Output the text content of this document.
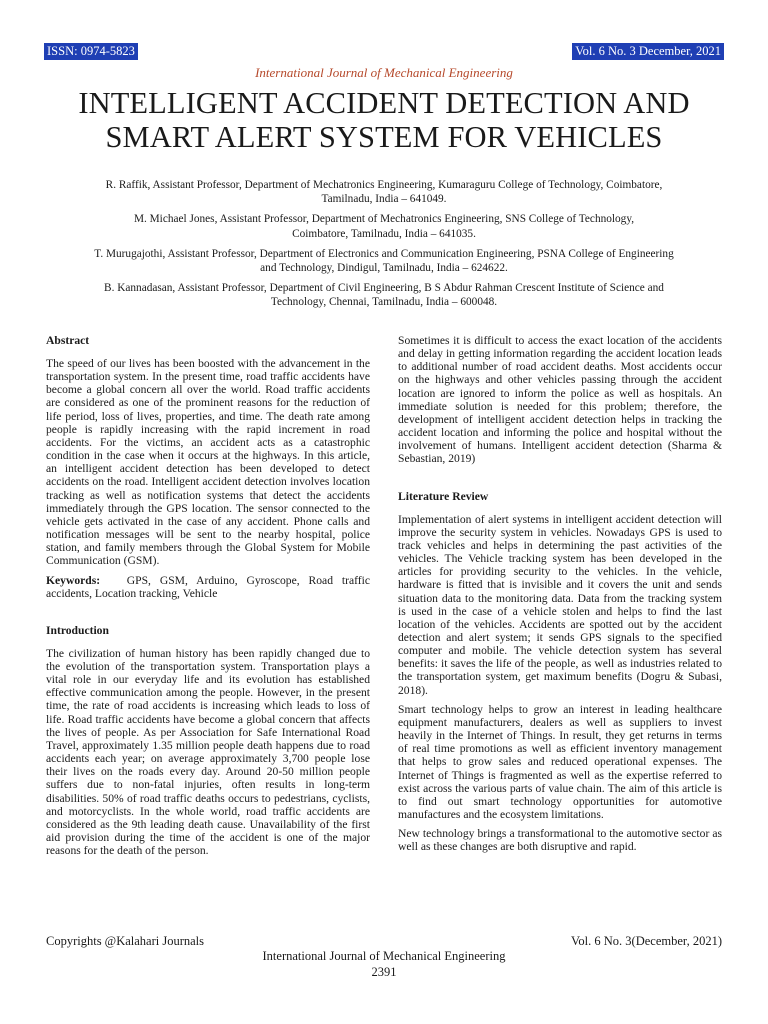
ISSN: 0974-5823	Vol. 6 No. 3 December, 2021
International Journal of Mechanical Engineering
INTELLIGENT ACCIDENT DETECTION AND
SMART ALERT SYSTEM FOR VEHICLES

R. Raffik, Assistant Professor, Department of Mechatronics Engineering, Kumaraguru College of Technology, Coimbatore,
Tamilnadu, India – 641049.

M. Michael Jones, Assistant Professor, Department of Mechatronics Engineering, SNS College of Technology,
Coimbatore, Tamilnadu, India – 641035.

T. Murugajothi, Assistant Professor, Department of Electronics and Communication Engineering, PSNA College of Engineering
and Technology, Dindigul, Tamilnadu, India – 624622.

B. Kannadasan, Assistant Professor, Department of Civil Engineering, B S Abdur Rahman Crescent Institute of Science and
Technology, Chennai, Tamilnadu, India – 600048.

Abstract

The speed of our lives has been boosted with the advancement in the transportation system. In the present time, road traffic accidents have become a global concern all over the world. Road traffic accidents are considered as one of the prominent reasons for the reduction of life period, loss of lives, properties, and time. The death rate among people is rapidly increasing with the rapid increment in road accidents. For the victims, an accident acts as a catastrophic condition in the case when it occurs at the highways. In this article, an intelligent accident detection has been developed to detect accidents on the road. Intelligent accident detection involves location tracking as well as notification systems that detect the accidents immediately through the GPS location. The sensor connected to the vehicle gets activated in the case of any accident. Phone calls and notification messages will be sent to the nearby hospital, police station, and family members through the Global System for Mobile Communication (GSM).

Keywords: GPS, GSM, Arduino, Gyroscope, Road traffic accidents, Location tracking, Vehicle

Introduction

The civilization of human history has been rapidly changed due to the evolution of the transportation system. Transportation plays a vital role in our everyday life and its evolution has established effective communication among the people. However, in the present time, the rate of road accidents is increasing which leads to loss of life. Road traffic accidents have become a global concern that affects the lives of people. As per Association for Safe International Road Travel, approximately 1.35 million people death happens due to road accidents each year; on average approximately 3,700 people lose their lives on the roads every day. Around 20-50 million people suffers due to non-fatal injuries, often results in long-term disabilities. 50% of road traffic deaths occurs to pedestrians, cyclists, and motorcyclists. In the whole world, road traffic accidents are considered as the 9th leading death cause. Unavailability of the first aid provision during the time of the accident is one of the major reasons for the death of the person.

Sometimes it is difficult to access the exact location of the accidents and delay in getting information regarding the accident location leads to additional number of road accident deaths. Most accidents occur on the highways and other vehicles passing through the accident location are ignored to inform the police as well as hospitals. An immediate solution is needed for this problem; therefore, the development of intelligent accident detection helps in tracking the accident location and informing the police and hospital without the involvement of humans. Intelligent accident detection (Sharma & Sebastian, 2019)

Literature Review

Implementation of alert systems in intelligent accident detection will improve the security system in vehicles. Nowadays GPS is used to track vehicles and helps in determining the past activities of the vehicles. The Vehicle tracking system has been developed in the articles for providing security to the vehicles. In the vehicle, hardware is fitted that is invisible and it covers the unit and sends situation data to the monitoring data. Data from the tracking system is used in the case of a vehicle stolen and helps to find the last location of the vehicles. Accidents are spotted out by the accident detection and alert system; it sends GPS signals to the specified computer and mobile. The vehicle detection system has several benefits: it saves the life of the people, as well as industries related to the transportation system, get maximum benefits (Dogru & Subasi, 2018).

Smart technology helps to grow an interest in leading healthcare equipment manufacturers, dealers as well as suppliers to invest heavily in the Internet of Things. In result, they get returns in terms of real time promotions as well as efficient inventory management that helps to grow sales and reduced operational expenses. The Internet of Things is fragmented as well as the expertise referred to exist across the various parts of value chain. The aim of this article is to find out smart technology opportunities for automotive manufactures and the ecosystem limitations.

New technology brings a transformational to the automotive sector as well as these changes are both disruptive and rapid.

Copyrights @Kalahari Journals	Vol. 6 No. 3(December, 2021)
International Journal of Mechanical Engineering
2391
